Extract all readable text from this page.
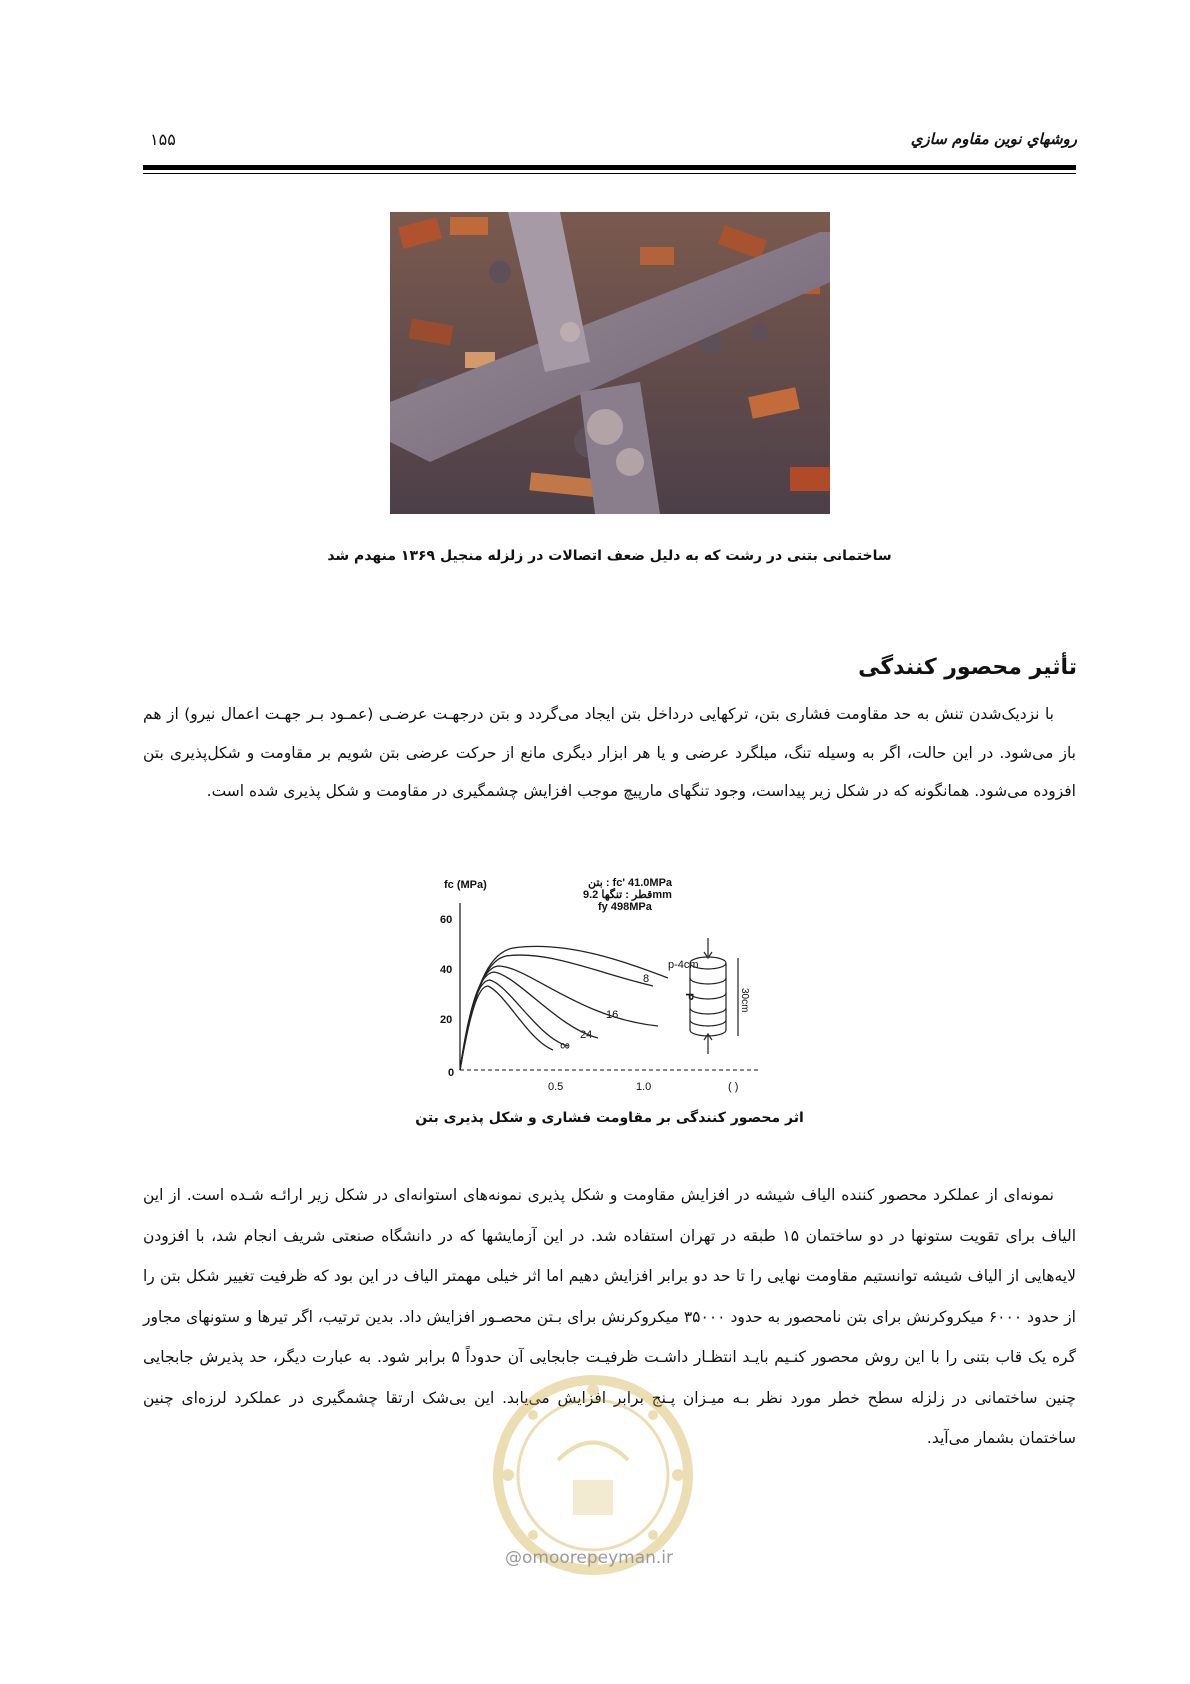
روشهاي نوين مقاوم سازي
۱۵۵
ساختمانی بتنی در رشت که به دلیل ضعف اتصالات در زلزله منجیل ۱۳۶۹ منهدم شد
تأثير محصور كنندگی

با نزدیک‌شدن تنش به حد مقاومت فشاری بتن، ترکهایی درداخل بتن ایجاد می‌گردد و بتن درجهـت عرضـی (عمـود بـر جهـت اعمال نیرو) از هم باز می‌شود. در این حالت، اگر به وسیله تنگ، میلگرد عرضی و یا هر ابزار دیگری مانع از حرکت عرضی بتن شویم بر مقاومت و شکل‌پذیری بتن افزوده می‌شود. همانگونه که در شکل زیر پیداست، وجود تنگهای مارپیچ موجب افزایش چشمگیری در مقاومت و شکل پذیری شده است.

fc (MPa)
60
40
20
0
0.5	1.0	( )
بتن : fc' 41.0MPa
قطر : تنگها 9.2mm
fy 498MPa
p-4cm
8
16
24
∞
30cm
P
اثر محصور کنندگی بر مقاومت فشاری و شکل پذیری بتن

نمونه‌ای از عملکرد محصور کننده الیاف شیشه در افزایش مقاومت و شکل پذیری نمونه‌های استوانه‌ای در شکل زیر ارائـه شـده است. از این الیاف برای تقویت ستونها در دو ساختمان ۱۵ طبقه در تهران استفاده شد. در این آزمایشها که در دانشگاه صنعتی شریف انجام شد، با افزودن لایه‌هایی از الیاف شیشه توانستیم مقاومت نهایی را تا حد دو برابر افزایش دهیم اما اثر خیلی مهمتر الیاف در این بود که ظرفیت تغییر شکل بتن را از حدود ۶۰۰۰ میکروکرنش برای بتن نامحصور به حدود ۳۵۰۰۰ میکروکرنش برای بـتن محصـور افزایش داد. بدین ترتیب، اگر تیرها و ستونهای مجاور گره یک قاب بتنی را با این روش محصور کنـیم بایـد انتظـار داشـت ظرفیـت جابجایی آن حدوداً ۵ برابر شود. به عبارت دیگر، حد پذیرش جابجایی چنین ساختمانی در زلزله سطح خطر مورد نظر بـه میـزان پـنج برابر افزایش می‌یابد. این بی‌شک ارتقا چشمگیری در عملکرد لرزه‌ای چنین ساختمان بشمار می‌آید.

@omoorepeyman.ir
